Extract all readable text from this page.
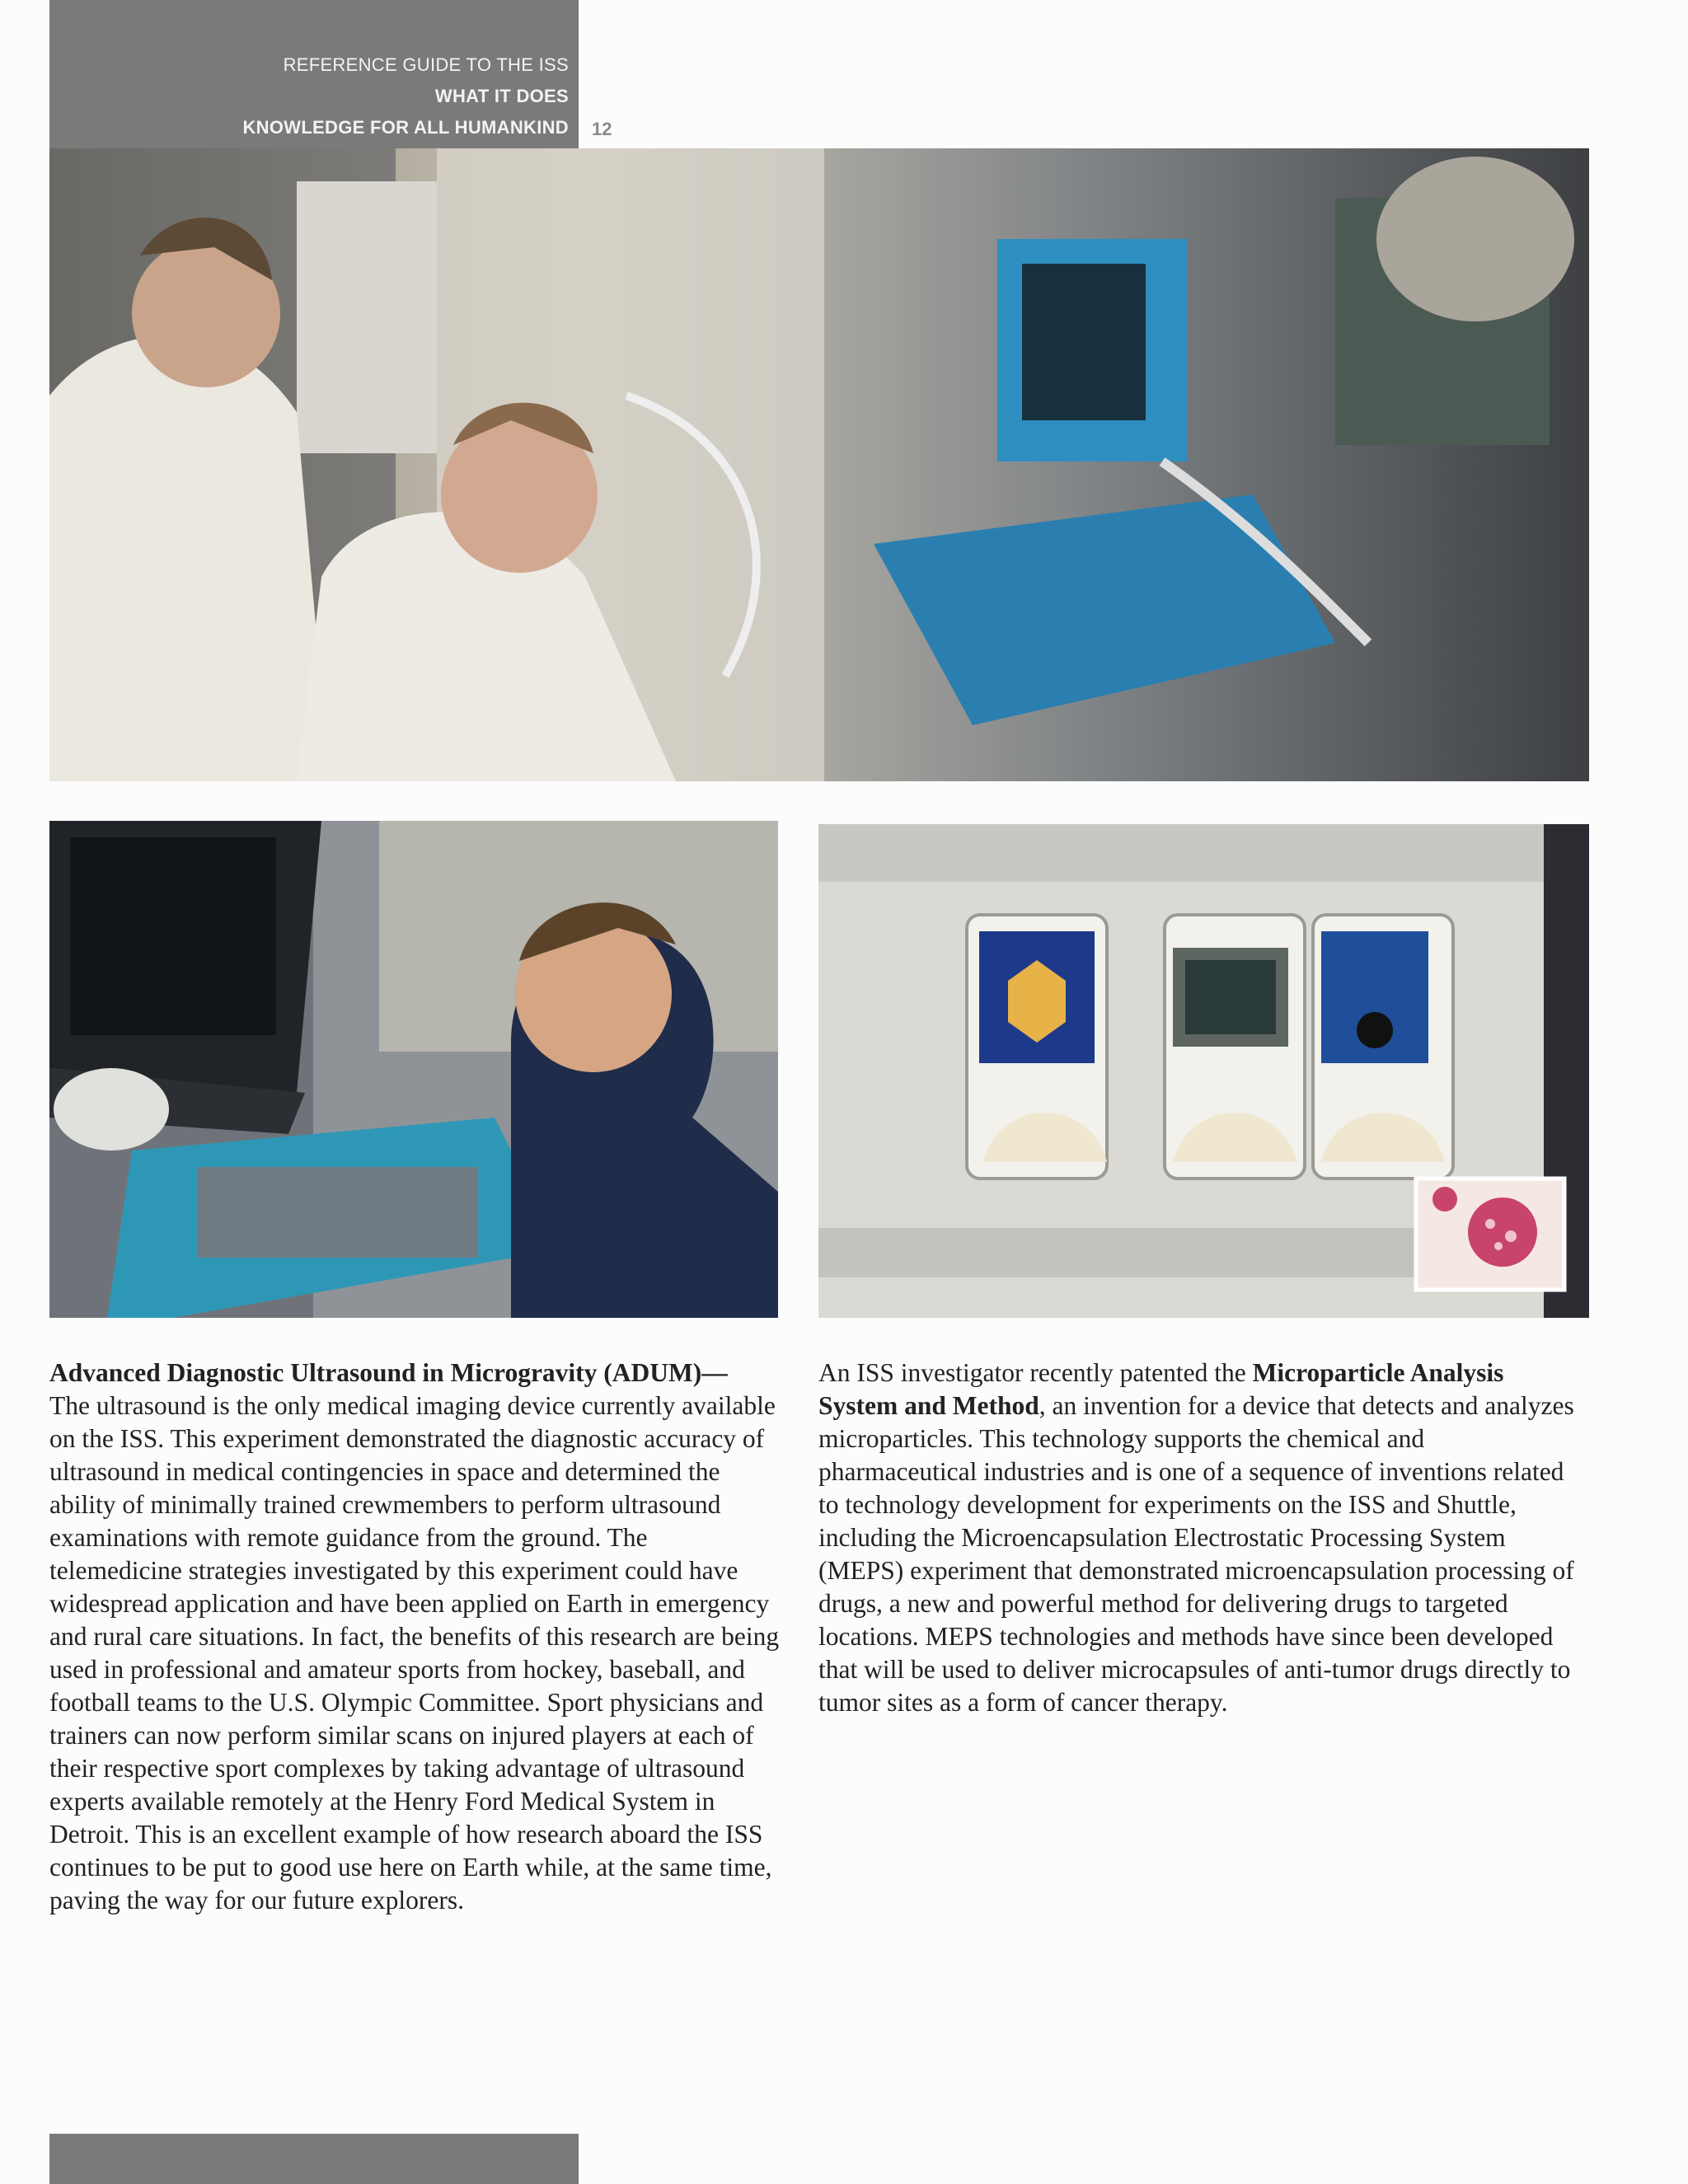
REFERENCE GUIDE TO THE ISS
WHAT IT DOES
KNOWLEDGE FOR ALL HUMANKIND 12

Advanced Diagnostic Ultrasound in Microgravity (ADUM)—
The ultrasound is the only medical imaging device currently available on the ISS. This experiment demonstrated the diagnostic accuracy of ultrasound in medical contingencies in space and determined the ability of minimally trained crewmembers to perform ultrasound examinations with remote guidance from the ground. The telemedicine strategies investigated by this experiment could have widespread application and have been applied on Earth in emergency and rural care situations. In fact, the benefits of this research are being used in professional and amateur sports from hockey, baseball, and football teams to the U.S. Olympic Committee. Sport physicians and trainers can now perform similar scans on injured players at each of their respective sport complexes by taking advantage of ultrasound experts available remotely at the Henry Ford Medical System in Detroit. This is an excellent example of how research aboard the ISS continues to be put to good use here on Earth while, at the same time, paving the way for our future explorers.

An ISS investigator recently patented the Microparticle Analysis System and Method, an invention for a device that detects and analyzes microparticles. This technology supports the chemical and pharmaceutical industries and is one of a sequence of inventions related to technology development for experiments on the ISS and Shuttle, including the Microencapsulation Electrostatic Processing System (MEPS) experiment that demonstrated microencapsulation processing of drugs, a new and powerful method for delivering drugs to targeted locations. MEPS technologies and methods have since been developed that will be used to deliver microcapsules of anti-tumor drugs directly to tumor sites as a form of cancer therapy.
